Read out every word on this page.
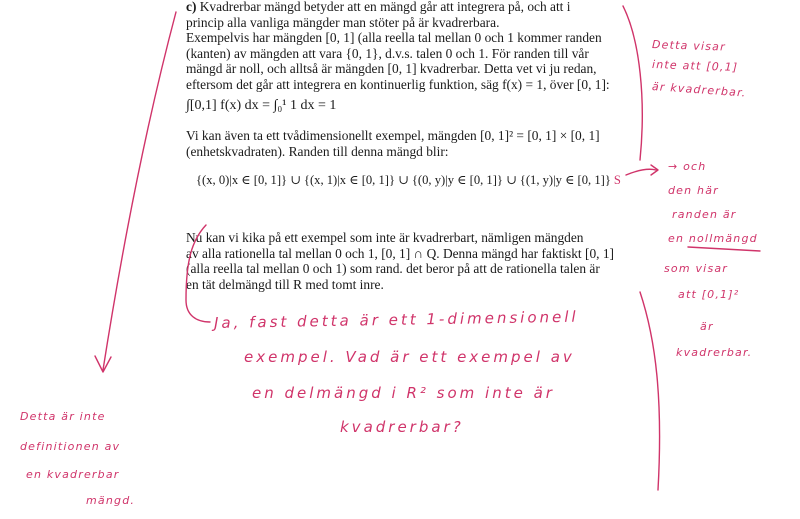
c) Kvadrerbar mängd betyder att en mängd går att integrera på, och att i
princip alla vanliga mängder man stöter på är kvadrerbara.
Exempelvis har mängden [0, 1] (alla reella tal mellan 0 och 1 kommer randen
(kanten) av mängden att vara {0, 1}, d.v.s. talen 0 och 1. För randen till vår
mängd är noll, och alltså är mängden [0, 1] kvadrerbar. Detta vet vi ju redan,
eftersom det går att integrera en kontinuerlig funktion, säg f(x) = 1, över [0, 1]:
∫[0,1] f(x) dx = ∫₀¹ 1 dx = 1
Vi kan även ta ett tvådimensionellt exempel, mängden [0, 1]² = [0, 1] × [0, 1]
(enhetskvadraten). Randen till denna mängd blir:
{(x, 0)|x ∈ [0, 1]} ∪ {(x, 1)|x ∈ [0, 1]} ∪ {(0, y)|y ∈ [0, 1]} ∪ {(1, y)|y ∈ [0, 1]} S
Nu kan vi kika på ett exempel som inte är kvadrerbart, nämligen mängden
av alla rationella tal mellan 0 och 1, [0, 1] ∩ Q. Denna mängd har faktiskt [0, 1]
(alla reella tal mellan 0 och 1) som rand. det beror på att de rationella talen är
en tät delmängd till R med tomt inre.
Detta visar
inte att [0,1]
är kvadrerbar.
→ och
den här
randen är
en nollmängd
som visar
att [0,1]²
är
kvadrerbar.
Ja, fast detta är ett 1-dimensionell
exempel. Vad är ett exempel av
en delmängd i R² som inte är
kvadrerbar?
Detta är inte
definitionen av
en kvadrerbar
mängd.
